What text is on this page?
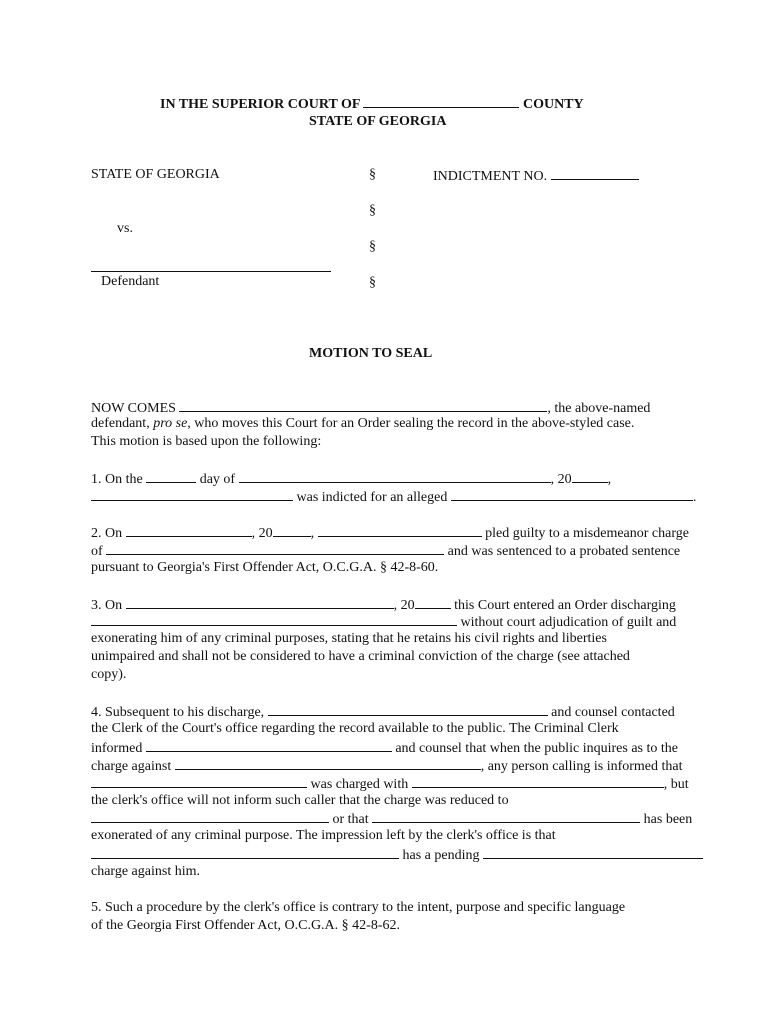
IN THE SUPERIOR COURT OF	COUNTY
STATE OF GEORGIA
STATE OF GEORGIA	§
§
§
§
INDICTMENT NO.
vs.
Defendant
MOTION TO SEAL
NOW COMES	, the above-named
defendant, pro se, who moves this Court for an Order sealing the record in the above-styled case.
This motion is based upon the following:
1. On the	day of	, 20	,
was indicted for an alleged	.
2. On	, 20	,	pled guilty to a misdemeanor charge
of	and was sentenced to a probated sentence
pursuant to Georgia's First Offender Act, O.C.G.A. § 42-8-60.
3. On	, 20	this Court entered an Order discharging
without court adjudication of guilt and
exonerating him of any criminal purposes, stating that he retains his civil rights and liberties
unimpaired and shall not be considered to have a criminal conviction of the charge (see attached
copy).
4. Subsequent to his discharge,	and counsel contacted
the Clerk of the Court's office regarding the record available to the public. The Criminal Clerk
informed	and counsel that when the public inquires as to the
charge against	, any person calling is informed that
was charged with	, but
the clerk's office will not inform such caller that the charge was reduced to
or that	has been
exonerated of any criminal purpose. The impression left by the clerk's office is that
has a pending
charge against him.
5. Such a procedure by the clerk's office is contrary to the intent, purpose and specific language
of the Georgia First Offender Act, O.C.G.A. § 42-8-62.
